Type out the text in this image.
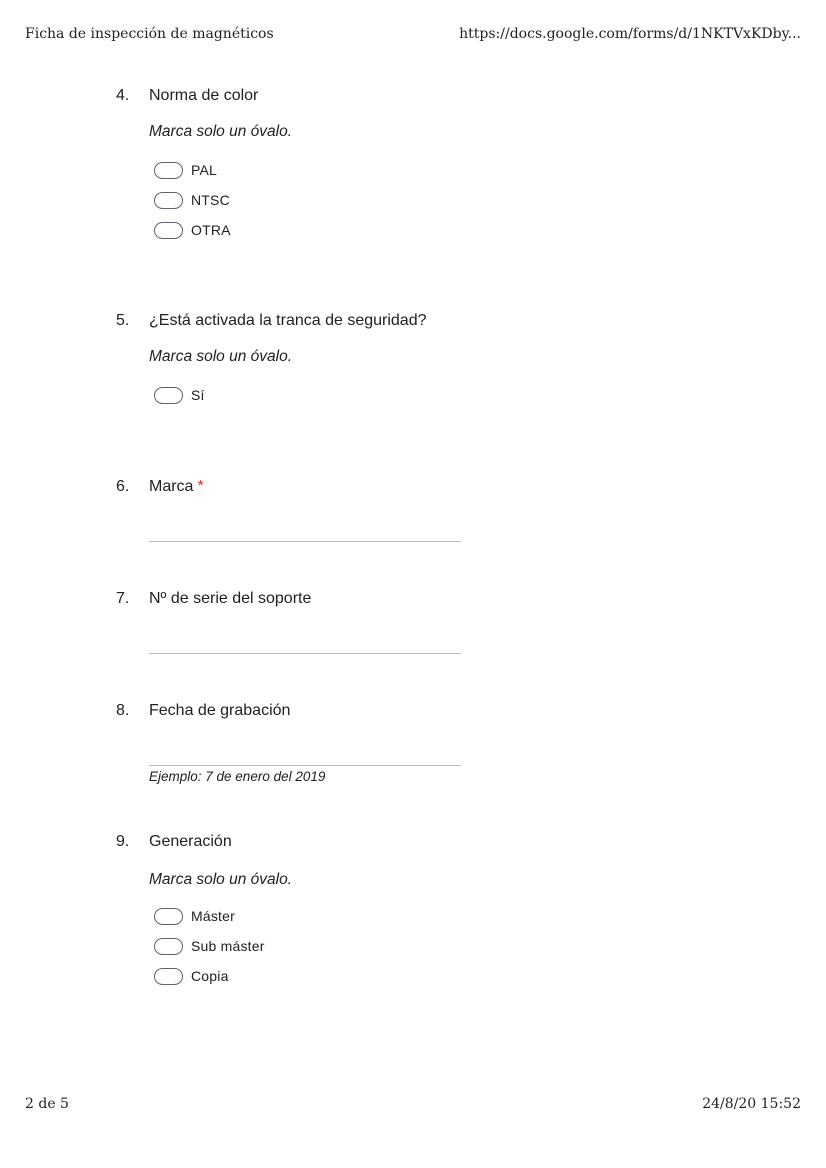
Ficha de inspección de magnéticos	https://docs.google.com/forms/d/1NKTVxKDby...
4.	Norma de color
Marca solo un óvalo.
PAL
NTSC
OTRA
5.	¿Está activada la tranca de seguridad?
Marca solo un óvalo.
Sí
6.	Marca *
7.	Nº de serie del soporte
8.	Fecha de grabación
Ejemplo: 7 de enero del 2019
9.	Generación
Marca solo un óvalo.
Máster
Sub máster
Copia
2 de 5	24/8/20 15:52
